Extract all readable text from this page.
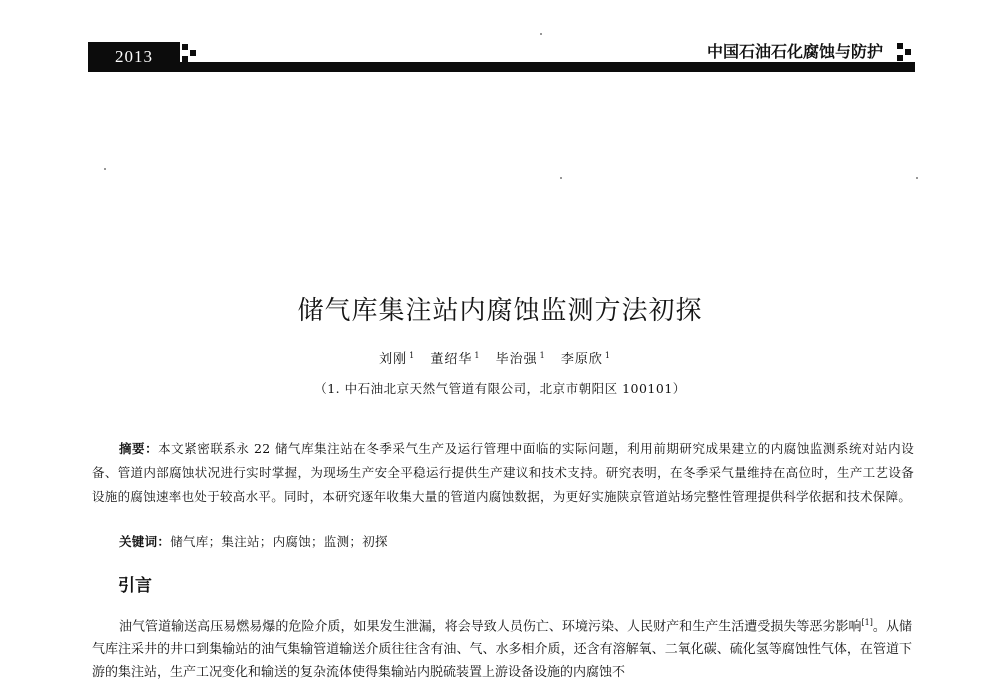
2013	中国石油石化腐蚀与防护
储气库集注站内腐蚀监测方法初探
刘刚 $^1$ 董绍华 $^1$ 毕治强 $^1$ 李原欣 $^1$
（1. 中石油北京天然气管道有限公司，北京市朝阳区 100101）
摘要：本文紧密联系永 22 储气库集注站在冬季采气生产及运行管理中面临的实际问题，利用前期研究成果建立的内腐蚀监测系统对站内设备、管道内部腐蚀状况进行实时掌握，为现场生产安全平稳运行提供生产建议和技术支持。研究表明，在冬季采气量维持在高位时，生产工艺设备设施的腐蚀速率也处于较高水平。同时，本研究逐年收集大量的管道内腐蚀数据，为更好实施陕京管道站场完整性管理提供科学依据和技术保障。
关键词：储气库；集注站；内腐蚀；监测；初探
引言
油气管道输送高压易燃易爆的危险介质，如果发生泄漏，将会导致人员伤亡、环境污染、人民财产和生产生活遭受损失等恶劣影响[1]。从储气库注采井的井口到集输站的油气集输管道输送介质往往含有油、气、水多相介质，还含有溶解氧、二氧化碳、硫化氢等腐蚀性气体，在管道下游的集注站，生产工况变化和输送的复杂流体使得集输站内脱硫装置上游设备设施的内腐蚀不
